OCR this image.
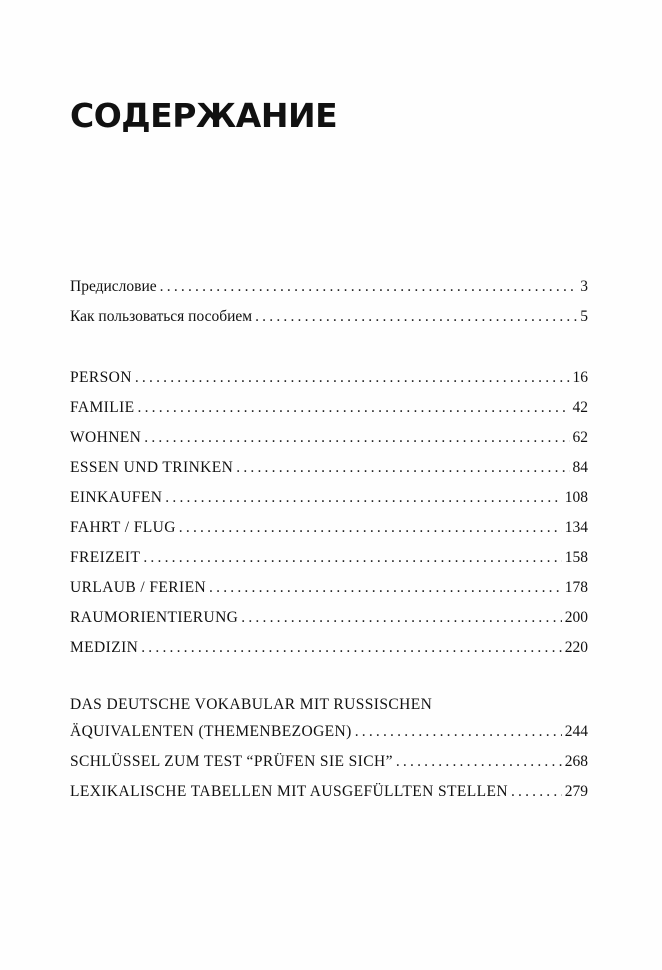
СОДЕРЖАНИЕ
Предисловие .....	3
Как пользоваться пособием .....	5
PERSON .....	16
FAMILIE .....	42
WOHNEN .....	62
ESSEN UND TRINKEN .....	84
EINKAUFEN .....	108
FAHRT / FLUG .....	134
FREIZEIT .....	158
URLAUB / FERIEN .....	178
RAUMORIENTIERUNG .....	200
MEDIZIN .....	220
DAS DEUTSCHE VOKABULAR MIT RUSSISCHEN
ÄQUIVALENTEN (THEMENBEZOGEN) .....	244
SCHLÜSSEL ZUM TEST “PRÜFEN SIE SICH” .....	268
LEXIKALISCHE TABELLEN MIT AUSGEFÜLLTEN STELLEN .....	279
